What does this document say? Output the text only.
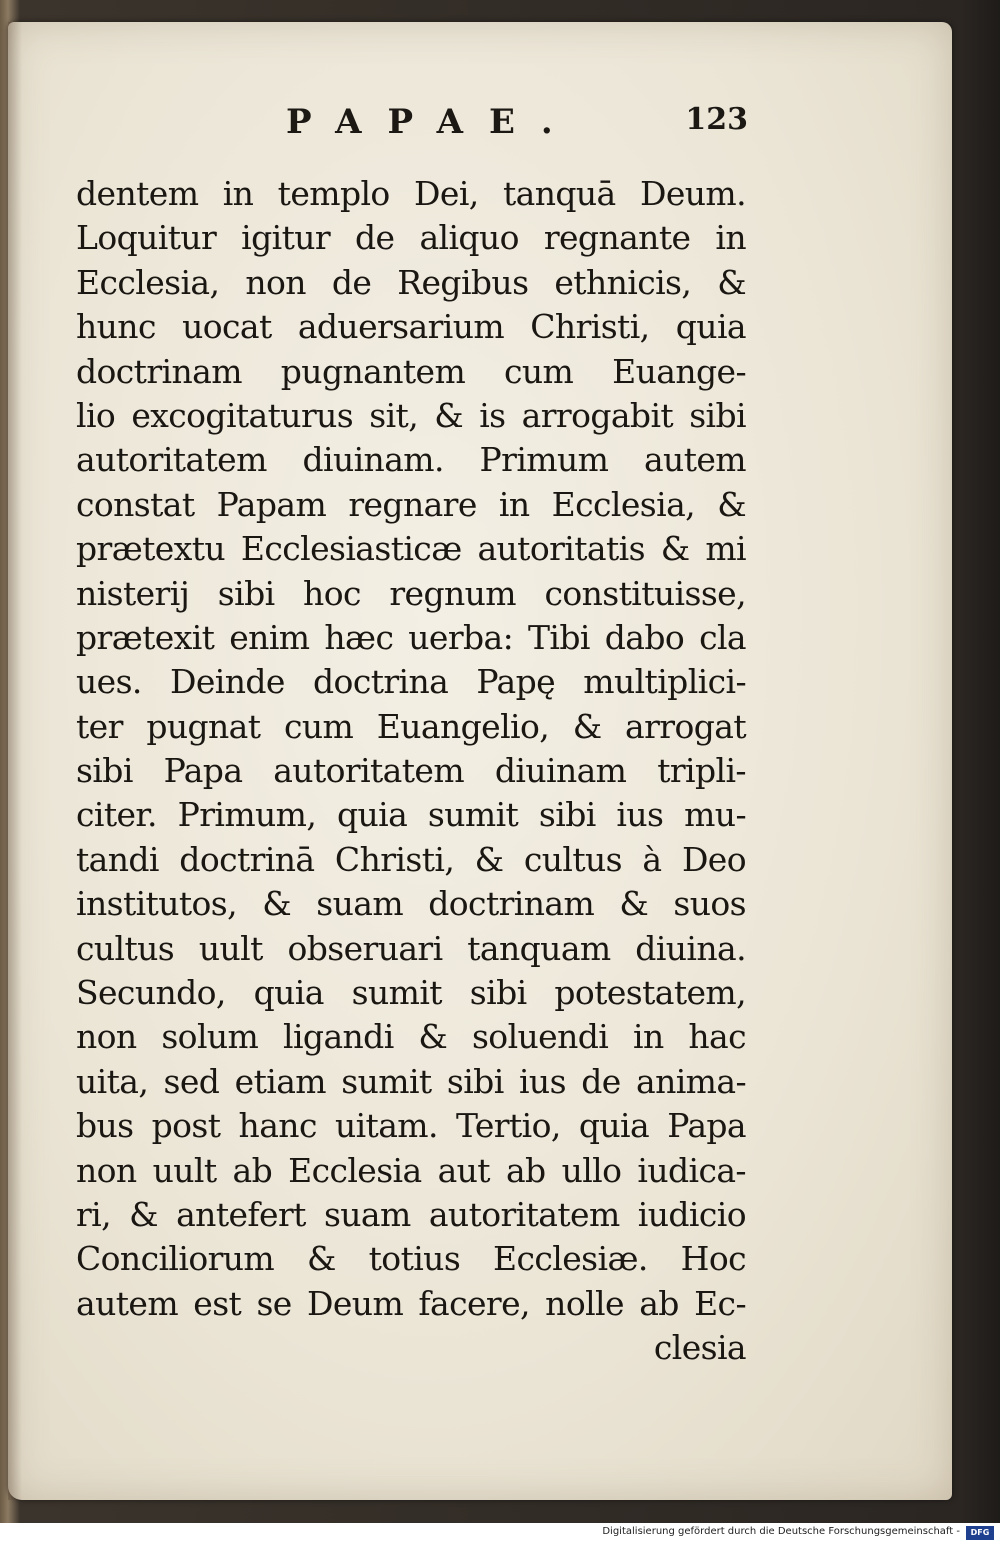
PAPAE.	123
dentem in templo Dei, tanquā Deum.
Loquitur igitur de aliquo regnante in
Ecclesia, non de Regibus ethnicis, &
hunc uocat aduersarium Christi, quia
doctrinam pugnantem cum Euange-
lio excogitaturus sit, & is arrogabit sibi
autoritatem diuinam. Primum autem
constat Papam regnare in Ecclesia, &
prætextu Ecclesiasticæ autoritatis & mi
nisterij sibi hoc regnum constituisse,
prætexit enim hæc uerba: Tibi dabo cla
ues. Deinde doctrina Papę multiplici-
ter pugnat cum Euangelio, & arrogat
sibi Papa autoritatem diuinam tripli-
citer. Primum, quia sumit sibi ius mu-
tandi doctrinā Christi, & cultus à Deo
institutos, & suam doctrinam & suos
cultus uult obseruari tanquam diuina.
Secundo, quia sumit sibi potestatem,
non solum ligandi & soluendi in hac
uita, sed etiam sumit sibi ius de anima-
bus post hanc uitam. Tertio, quia Papa
non uult ab Ecclesia aut ab ullo iudica-
ri, & antefert suam autoritatem iudicio
Conciliorum & totius Ecclesiæ. Hoc
autem est se Deum facere, nolle ab Ec-
clesia
Digitalisierung gefördert durch die Deutsche Forschungsgemeinschaft -	DFG
